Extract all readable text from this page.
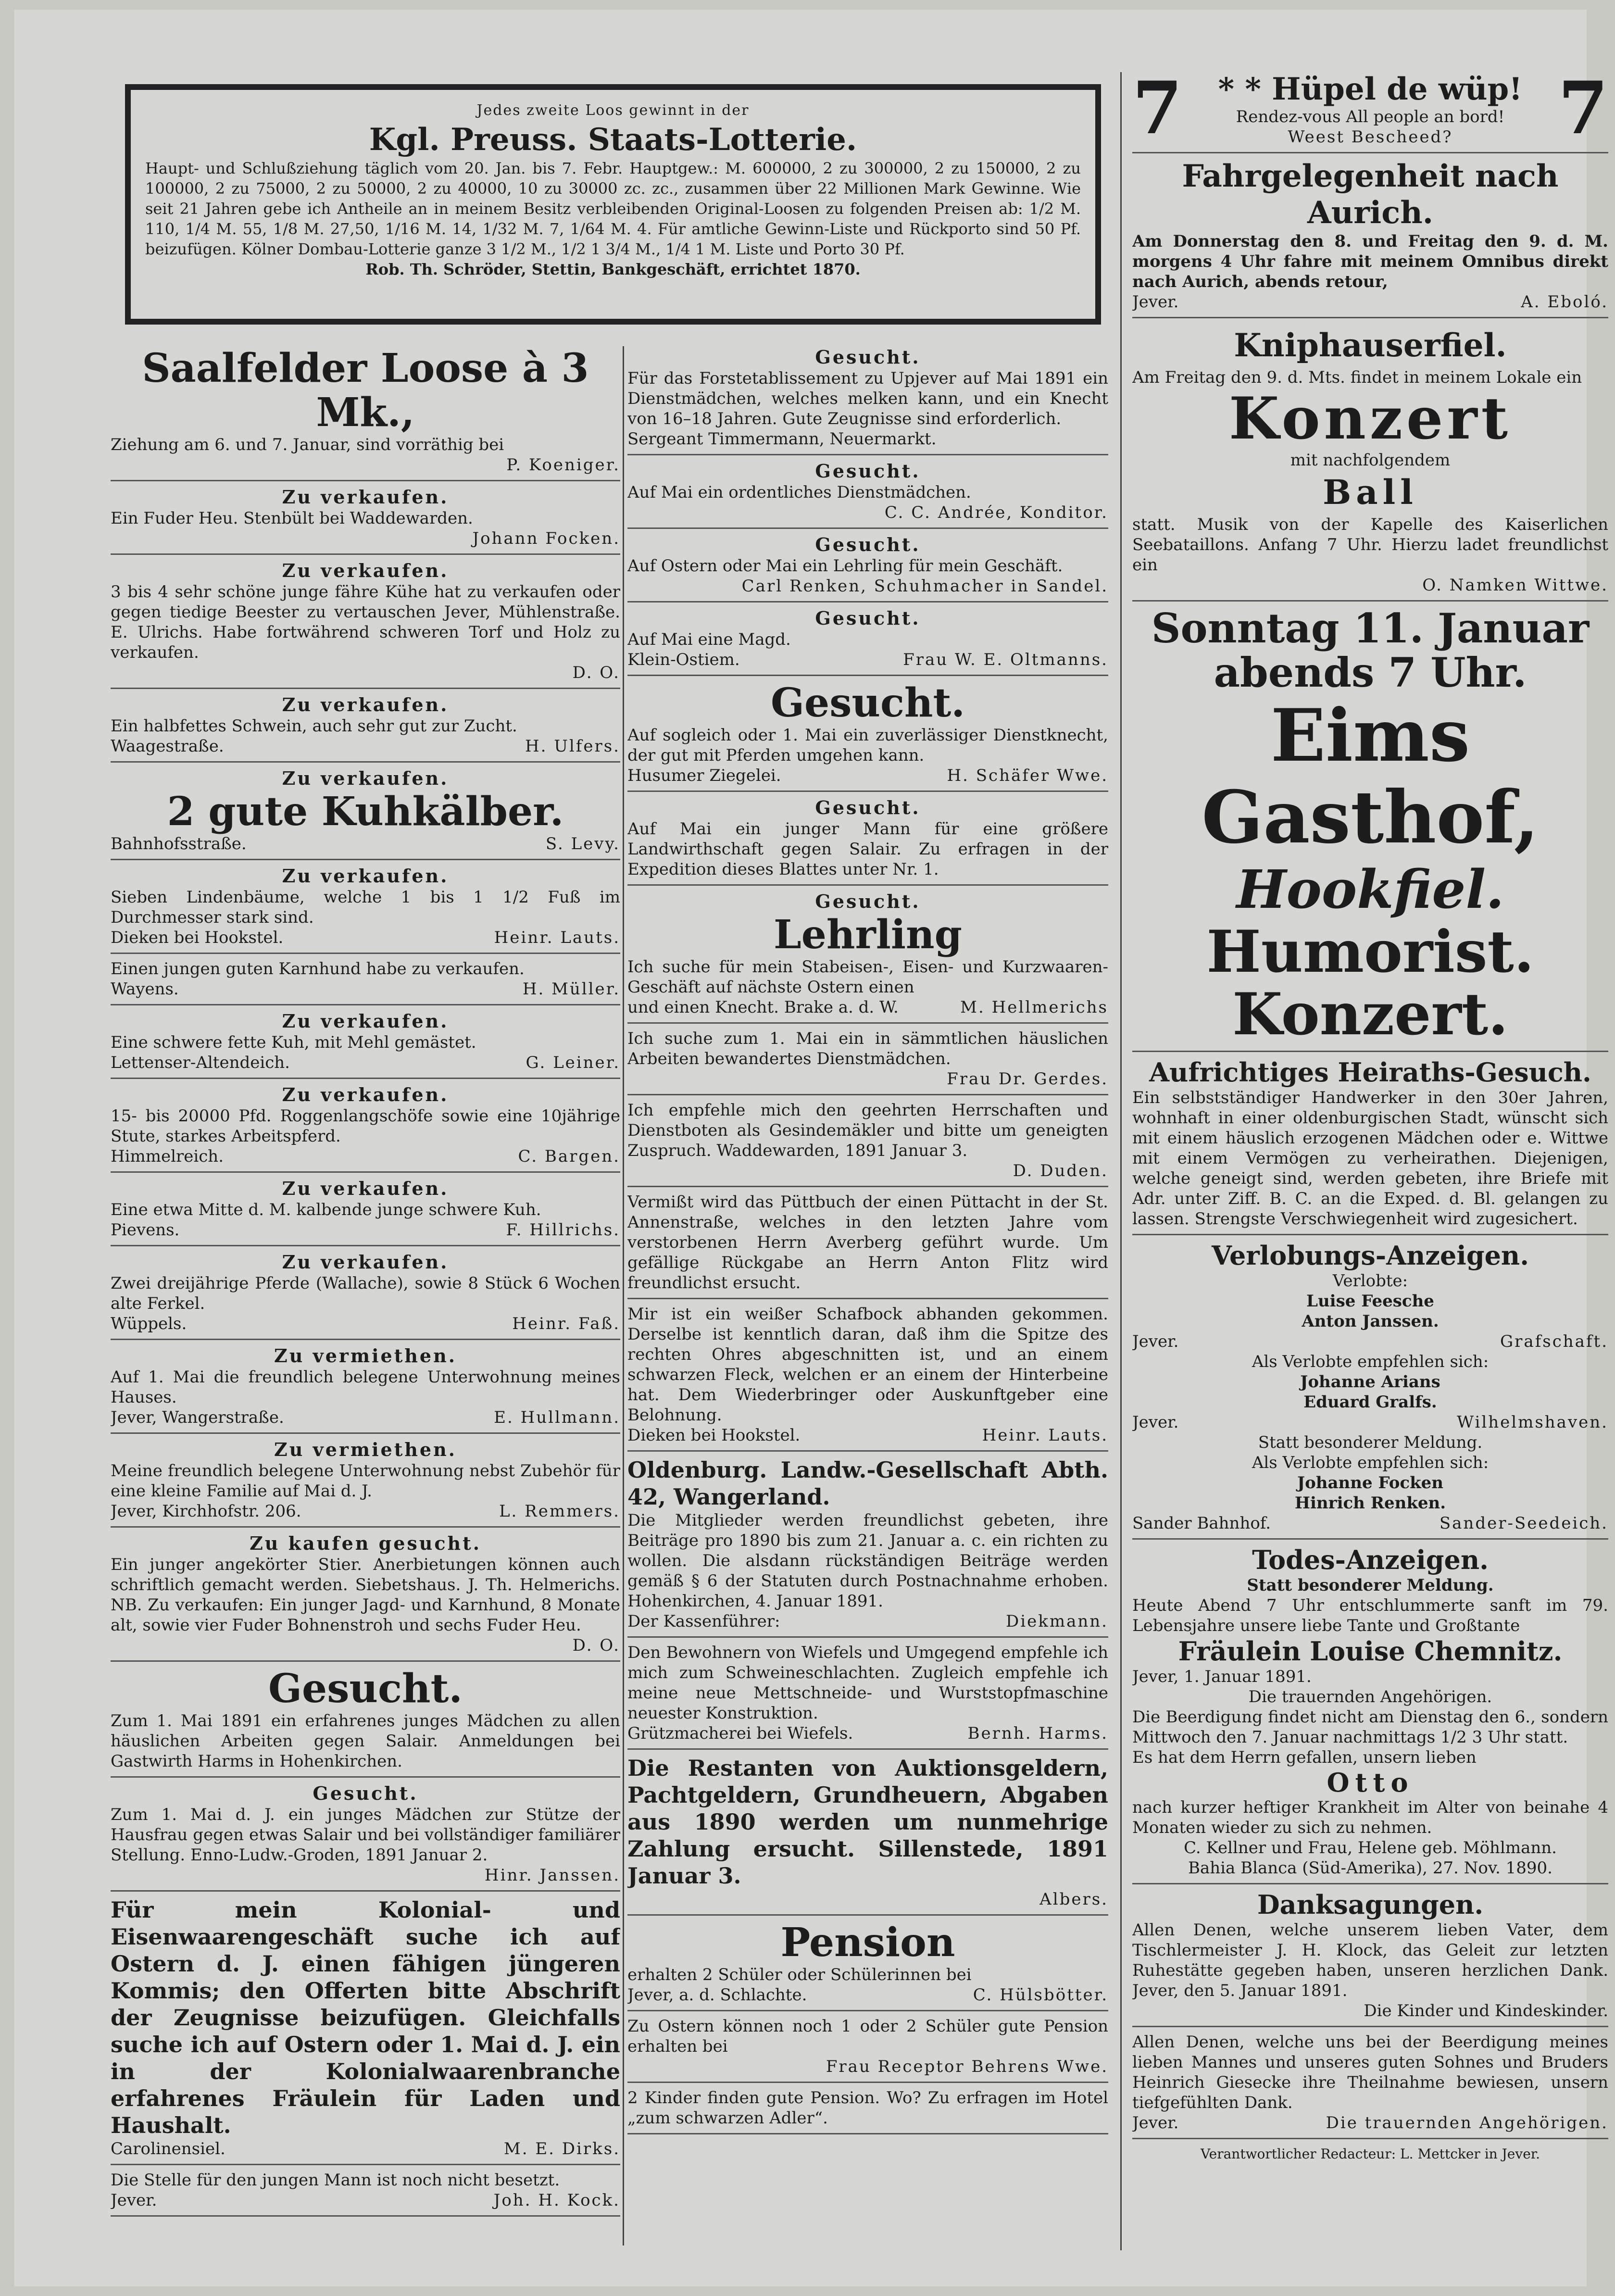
Jedes zweite Loos gewinnt in der
Kgl. Preuss. Staats-Lotterie.
Haupt- und Schlußziehung täglich vom 20. Jan. bis 7. Febr. Hauptgew.: M. 600000, 2 zu 300000, 2 zu 150000, 2 zu 100000, 2 zu 75000, 2 zu 50000, 2 zu 40000, 10 zu 30000 zc. zc., zusammen über 22 Millionen Mark Gewinne. Wie seit 21 Jahren gebe ich Antheile an in meinem Besitz verbleibenden Original-Loosen zu folgenden Preisen ab: 1/2 M. 110, 1/4 M. 55, 1/8 M. 27,50, 1/16 M. 14, 1/32 M. 7, 1/64 M. 4. Für amtliche Gewinn-Liste und Rückporto sind 50 Pf. beizufügen. Kölner Dombau-Lotterie ganze 3 1/2 M., 1/2 1 3/4 M., 1/4 1 M. Liste und Porto 30 Pf.
Rob. Th. Schröder, Stettin, Bankgeschäft, errichtet 1870.
Saalfelder Loose à 3 Mk.,
Ziehung am 6. und 7. Januar, sind vorräthig bei
P. Koeniger.
Zu verkaufen.
Ein Fuder Heu. Stenbült bei Waddewarden.
Johann Focken.
Zu verkaufen.
3 bis 4 sehr schöne junge fähre Kühe hat zu verkaufen oder gegen tiedige Beester zu vertauschen Jever, Mühlenstraße. E. Ulrichs. Habe fortwährend schweren Torf und Holz zu verkaufen.
D. O.
Zu verkaufen.
Ein halbfettes Schwein, auch sehr gut zur Zucht.
Waagestraße.	H. Ulfers.
Zu verkaufen.
2 gute Kuhkälber.
Bahnhofsstraße.	S. Levy.
Zu verkaufen.
Sieben Lindenbäume, welche 1 bis 1 1/2 Fuß im Durchmesser stark sind.
Dieken bei Hookstel.	Heinr. Lauts.
Einen jungen guten Karnhund habe zu verkaufen.
Wayens.	H. Müller.
Zu verkaufen.
Eine schwere fette Kuh, mit Mehl gemästet.
Lettenser-Altendeich.	G. Leiner.
Zu verkaufen.
15- bis 20000 Pfd. Roggenlangschöfe sowie eine 10jährige Stute, starkes Arbeitspferd.
Himmelreich.	C. Bargen.
Zu verkaufen.
Eine etwa Mitte d. M. kalbende junge schwere Kuh.
Pievens.	F. Hillrichs.
Zu verkaufen.
Zwei dreijährige Pferde (Wallache), sowie 8 Stück 6 Wochen alte Ferkel.
Wüppels.	Heinr. Faß.
Zu vermiethen.
Auf 1. Mai die freundlich belegene Unterwohnung meines Hauses.
Jever, Wangerstraße.	E. Hullmann.
Zu vermiethen.
Meine freundlich belegene Unterwohnung nebst Zubehör für eine kleine Familie auf Mai d. J.
Jever, Kirchhofstr. 206.	L. Remmers.
Zu kaufen gesucht.
Ein junger angekörter Stier. Anerbietungen können auch schriftlich gemacht werden. Siebetshaus. J. Th. Helmerichs. NB. Zu verkaufen: Ein junger Jagd- und Karnhund, 8 Monate alt, sowie vier Fuder Bohnenstroh und sechs Fuder Heu.
D. O.
Gesucht.
Zum 1. Mai 1891 ein erfahrenes junges Mädchen zu allen häuslichen Arbeiten gegen Salair. Anmeldungen bei Gastwirth Harms in Hohenkirchen.
Gesucht.
Zum 1. Mai d. J. ein junges Mädchen zur Stütze der Hausfrau gegen etwas Salair und bei vollständiger familiärer Stellung. Enno-Ludw.-Groden, 1891 Januar 2.
Hinr. Janssen.
Für mein Kolonial- und Eisenwaarengeschäft suche ich auf Ostern d. J. einen fähigen jüngeren Kommis; den Offerten bitte Abschrift der Zeugnisse beizufügen. Gleichfalls suche ich auf Ostern oder 1. Mai d. J. ein in der Kolonialwaarenbranche erfahrenes Fräulein für Laden und Haushalt.
Carolinensiel.	M. E. Dirks.
Die Stelle für den jungen Mann ist noch nicht besetzt.
Jever.	Joh. H. Kock.
Gesucht.
Für das Forstetablissement zu Upjever auf Mai 1891 ein Dienstmädchen, welches melken kann, und ein Knecht von 16–18 Jahren. Gute Zeugnisse sind erforderlich.
Sergeant Timmermann, Neuermarkt.
Gesucht.
Auf Mai ein ordentliches Dienstmädchen.
C. C. Andrée, Konditor.
Gesucht.
Auf Ostern oder Mai ein Lehrling für mein Geschäft.
Carl Renken, Schuhmacher in Sandel.
Gesucht.
Auf Mai eine Magd.
Klein-Ostiem.	Frau W. E. Oltmanns.
Gesucht.
Auf sogleich oder 1. Mai ein zuverlässiger Dienstknecht, der gut mit Pferden umgehen kann.
Husumer Ziegelei.	H. Schäfer Wwe.
Gesucht.
Auf Mai ein junger Mann für eine größere Landwirthschaft gegen Salair. Zu erfragen in der Expedition dieses Blattes unter Nr. 1.
Gesucht.
Lehrling
Ich suche für mein Stabeisen-, Eisen- und Kurzwaaren-Geschäft auf nächste Ostern einen
und einen Knecht. Brake a. d. W.	M. Hellmerichs
Ich suche zum 1. Mai ein in sämmtlichen häuslichen Arbeiten bewandertes Dienstmädchen.
Frau Dr. Gerdes.
Ich empfehle mich den geehrten Herrschaften und Dienstboten als Gesindemäkler und bitte um geneigten Zuspruch. Waddewarden, 1891 Januar 3.
D. Duden.
Vermißt wird das Püttbuch der einen Püttacht in der St. Annenstraße, welches in den letzten Jahre vom verstorbenen Herrn Averberg geführt wurde. Um gefällige Rückgabe an Herrn Anton Flitz wird freundlichst ersucht.
Mir ist ein weißer Schafbock abhanden gekommen. Derselbe ist kenntlich daran, daß ihm die Spitze des rechten Ohres abgeschnitten ist, und an einem schwarzen Fleck, welchen er an einem der Hinterbeine hat. Dem Wiederbringer oder Auskunftgeber eine Belohnung.
Dieken bei Hookstel.	Heinr. Lauts.
Oldenburg. Landw.-Gesellschaft Abth. 42, Wangerland.
Die Mitglieder werden freundlichst gebeten, ihre Beiträge pro 1890 bis zum 21. Januar a. c. ein richten zu wollen. Die alsdann rückständigen Beiträge werden gemäß § 6 der Statuten durch Postnachnahme erhoben. Hohenkirchen, 4. Januar 1891.
Der Kassenführer:	Diekmann.
Den Bewohnern von Wiefels und Umgegend empfehle ich mich zum Schweineschlachten. Zugleich empfehle ich meine neue Mettschneide- und Wurststopfmaschine neuester Konstruktion.
Grützmacherei bei Wiefels.	Bernh. Harms.
Die Restanten von Auktionsgeldern, Pachtgeldern, Grundheuern, Abgaben aus 1890 werden um nunmehrige Zahlung ersucht. Sillenstede, 1891 Januar 3.
Albers.
Pension
erhalten 2 Schüler oder Schülerinnen bei
Jever, a. d. Schlachte.	C. Hülsbötter.
Zu Ostern können noch 1 oder 2 Schüler gute Pension erhalten bei
Frau Receptor Behrens Wwe.
2 Kinder finden gute Pension. Wo? Zu erfragen im Hotel „zum schwarzen Adler“.
7	* * Hüpel de wüp!
Rendez-vous All people an bord!
Weest Bescheed?	7
Fahrgelegenheit nach Aurich.
Am Donnerstag den 8. und Freitag den 9. d. M. morgens 4 Uhr fahre mit meinem Omnibus direkt nach Aurich, abends retour,
Jever.	A. Eboló.
Kniphauserfiel.
Am Freitag den 9. d. Mts. findet in meinem Lokale ein
Konzert
mit nachfolgendem
Ball
statt. Musik von der Kapelle des Kaiserlichen Seebataillons. Anfang 7 Uhr. Hierzu ladet freundlichst ein
O. Namken Wittwe.
Sonntag 11. Januar
abends 7 Uhr.
Eims Gasthof,
Hookfiel.
Humorist.
Konzert.
Aufrichtiges Heiraths-Gesuch.
Ein selbstständiger Handwerker in den 30er Jahren, wohnhaft in einer oldenburgischen Stadt, wünscht sich mit einem häuslich erzogenen Mädchen oder e. Wittwe mit einem Vermögen zu verheirathen. Diejenigen, welche geneigt sind, werden gebeten, ihre Briefe mit Adr. unter Ziff. B. C. an die Exped. d. Bl. gelangen zu lassen. Strengste Verschwiegenheit wird zugesichert.
Verlobungs-Anzeigen.
Verlobte:
Luise Feesche
Anton Janssen.
Jever.	Grafschaft.
Als Verlobte empfehlen sich:
Johanne Arians
Eduard Gralfs.
Jever.	Wilhelmshaven.
Statt besonderer Meldung.
Als Verlobte empfehlen sich:
Johanne Focken
Hinrich Renken.
Sander Bahnhof.	Sander-Seedeich.
Todes-Anzeigen.
Statt besonderer Meldung.
Heute Abend 7 Uhr entschlummerte sanft im 79. Lebensjahre unsere liebe Tante und Großtante
Fräulein Louise Chemnitz.
Jever, 1. Januar 1891.
Die trauernden Angehörigen.
Die Beerdigung findet nicht am Dienstag den 6., sondern Mittwoch den 7. Januar nachmittags 1/2 3 Uhr statt.
Es hat dem Herrn gefallen, unsern lieben
Otto
nach kurzer heftiger Krankheit im Alter von beinahe 4 Monaten wieder zu sich zu nehmen.
C. Kellner und Frau, Helene geb. Möhlmann.
Bahia Blanca (Süd-Amerika), 27. Nov. 1890.
Danksagungen.
Allen Denen, welche unserem lieben Vater, dem Tischlermeister J. H. Klock, das Geleit zur letzten Ruhestätte gegeben haben, unseren herzlichen Dank. Jever, den 5. Januar 1891.
Die Kinder und Kindeskinder.
Allen Denen, welche uns bei der Beerdigung meines lieben Mannes und unseres guten Sohnes und Bruders Heinrich Giesecke ihre Theilnahme bewiesen, unsern tiefgefühlten Dank.
Jever.	Die trauernden Angehörigen.
Verantwortlicher Redacteur: L. Mettcker in Jever.
